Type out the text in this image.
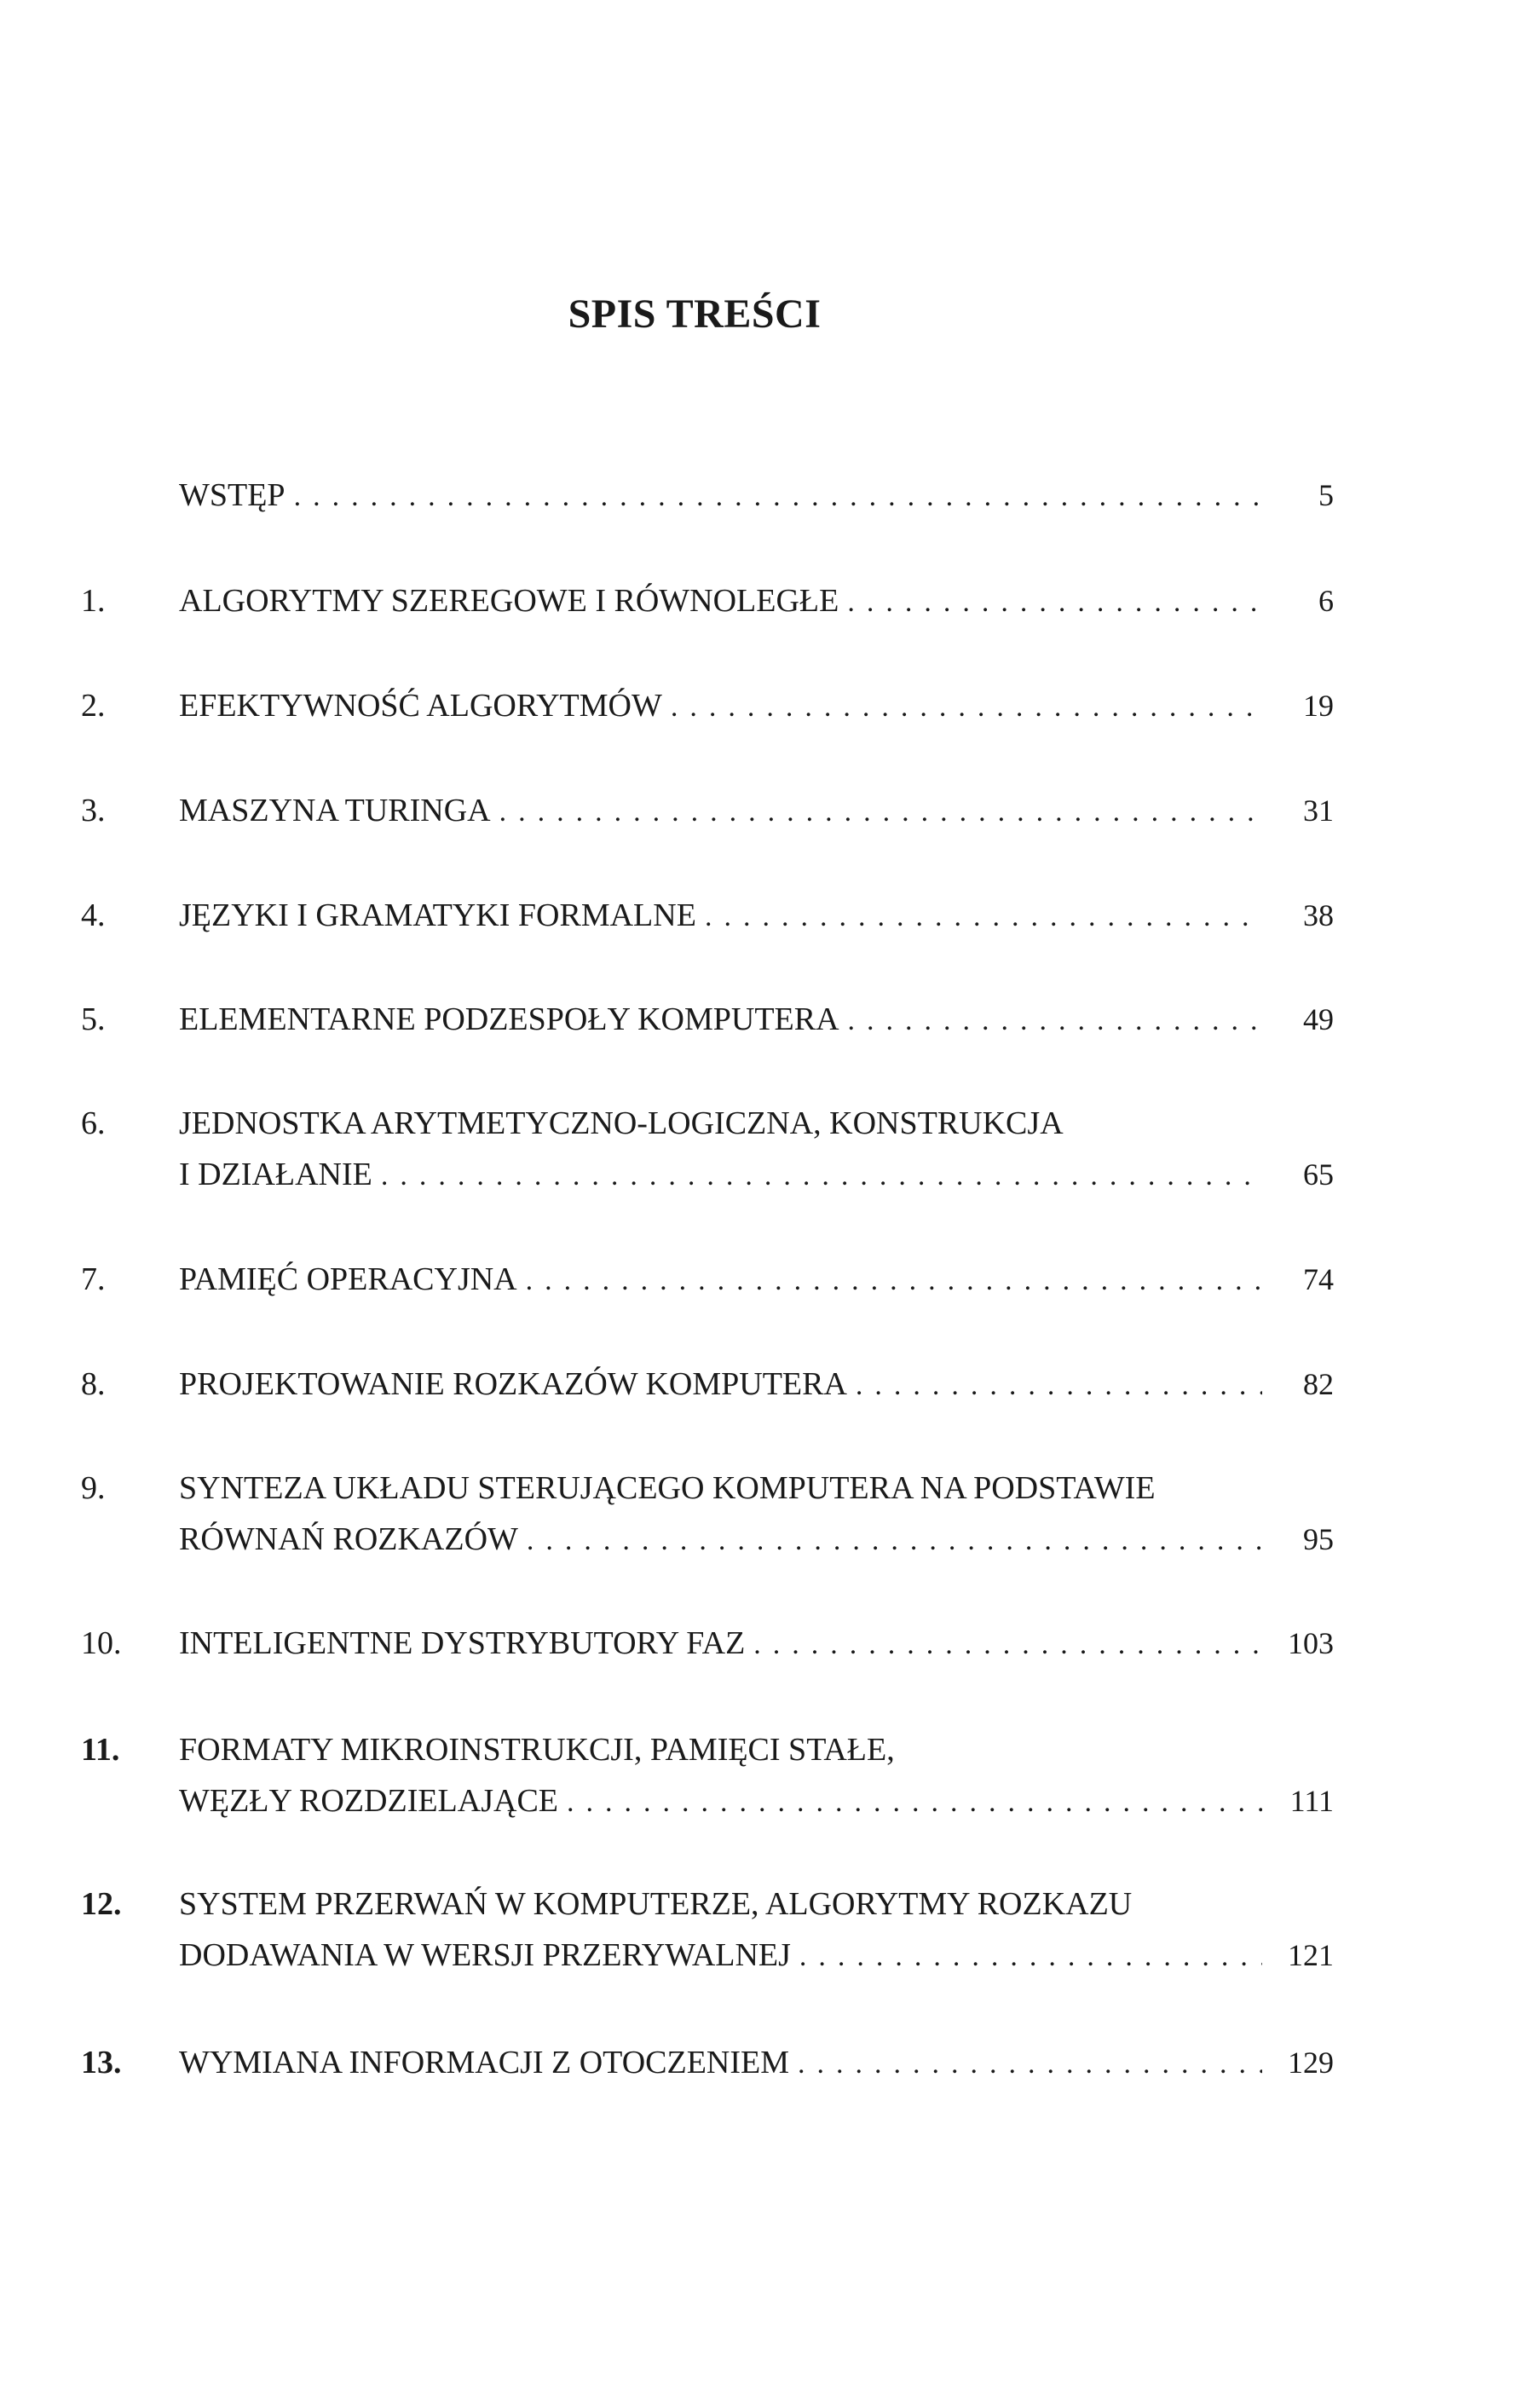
SPIS TREŚCI
WSTĘP .....	5
1.	ALGORYTMY SZEREGOWE I RÓWNOLEGŁE .....	6
2.	EFEKTYWNOŚĆ ALGORYTMÓW .....	19
3.	MASZYNA TURINGA .....	31
4.	JĘZYKI I GRAMATYKI FORMALNE .....	38
5.	ELEMENTARNE PODZESPOŁY KOMPUTERA .....	49
6.	JEDNOSTKA ARYTMETYCZNO-LOGICZNA, KONSTRUKCJA
I DZIAŁANIE .....	65
7.	PAMIĘĆ OPERACYJNA .....	74
8.	PROJEKTOWANIE ROZKAZÓW KOMPUTERA .....	82
9.	SYNTEZA UKŁADU STERUJĄCEGO KOMPUTERA NA PODSTAWIE
RÓWNAŃ ROZKAZÓW .....	95
10.	INTELIGENTNE DYSTRYBUTORY FAZ .....	103
11.	FORMATY MIKROINSTRUKCJI, PAMIĘCI STAŁE,
WĘZŁY ROZDZIELAJĄCE .....	111
12.	SYSTEM PRZERWAŃ W KOMPUTERZE, ALGORYTMY ROZKAZU
DODAWANIA W WERSJI PRZERYWALNEJ .....	121
13.	WYMIANA INFORMACJI Z OTOCZENIEM .....	129
